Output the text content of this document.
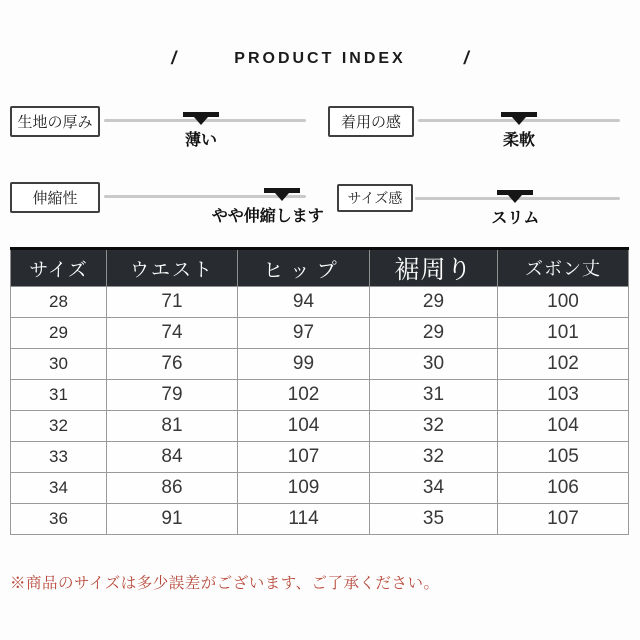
/	PRODUCT INDEX	/
生地の厚み
薄い
着用の感
柔軟
伸縮性
やや伸縮します
サイズ感
スリム
サイズ	ウエスト	ヒップ	裾周り	ズボン丈
28	71	94	29	100
29	74	97	29	101
30	76	99	30	102
31	79	102	31	103
32	81	104	32	104
33	84	107	32	105
34	86	109	34	106
36	91	114	35	107
※商品のサイズは多少誤差がございます、ご了承ください。
